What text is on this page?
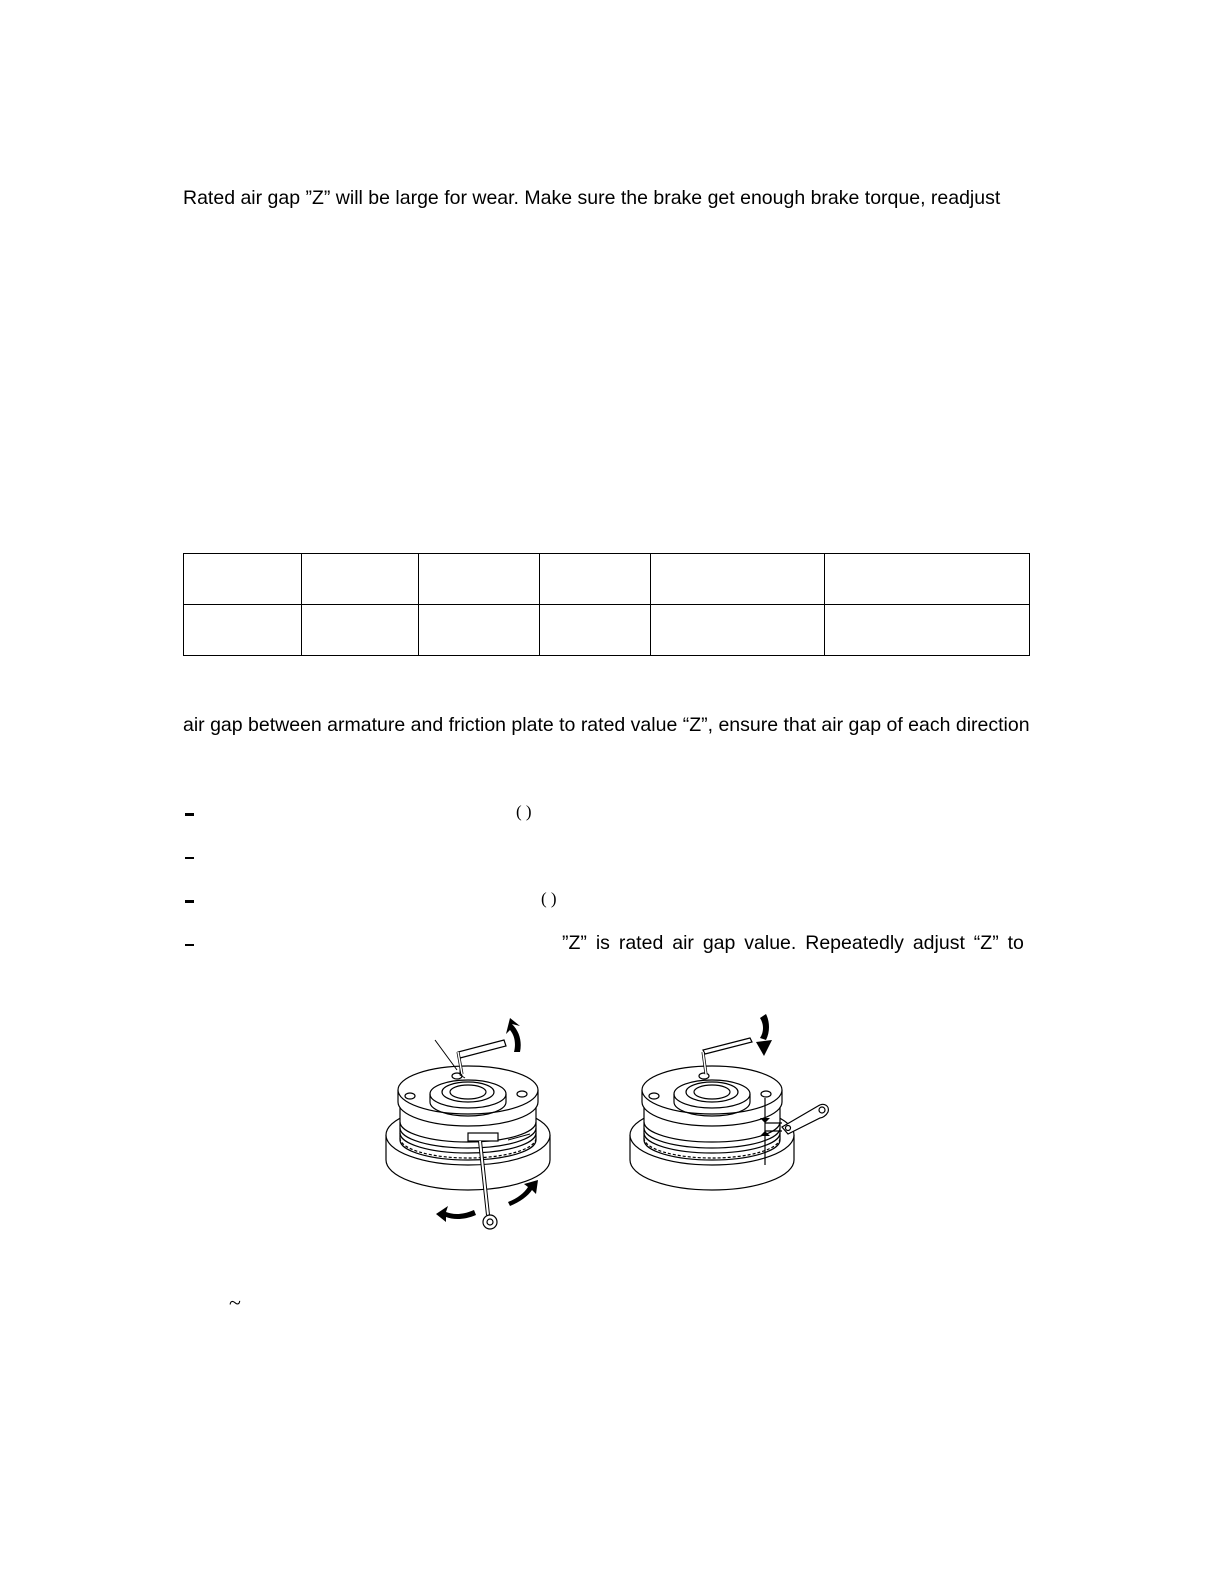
Rated air gap ”Z” will be large for wear. Make sure the brake get enough brake torque, readjust

air gap between armature and friction plate to rated value “Z”, ensure that air gap of each direction
( )
( )
”Z” is rated air gap value. Repeatedly adjust “Z” to
~
